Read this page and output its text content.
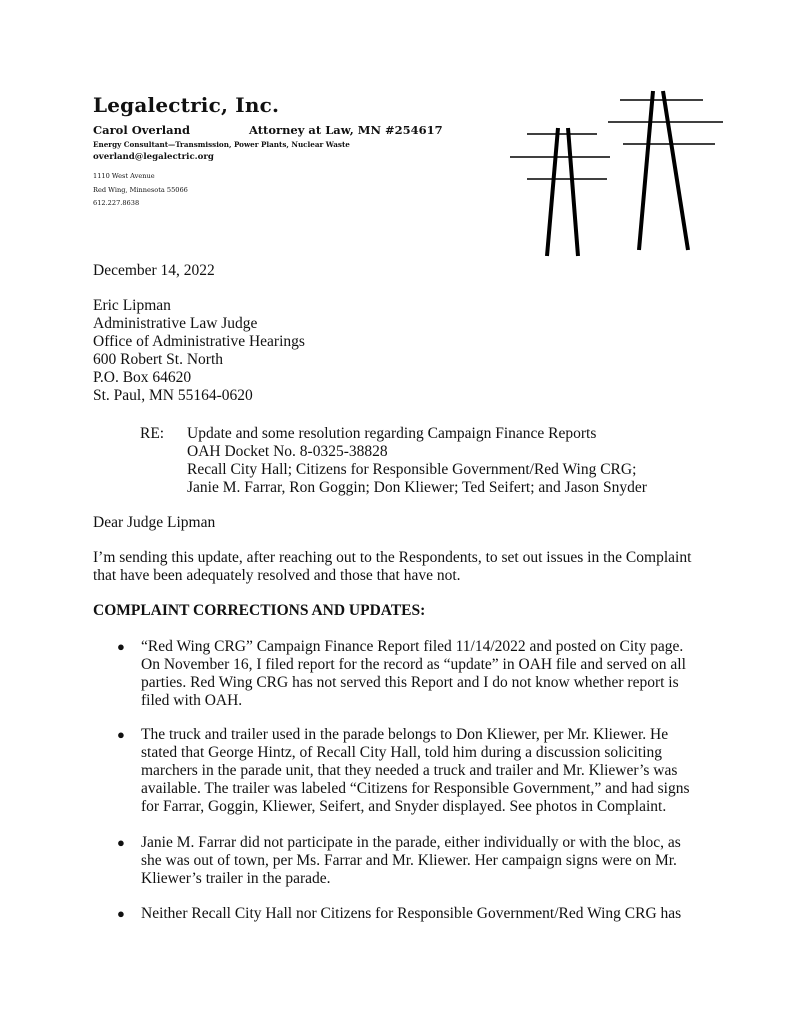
Legalectric, Inc.
Carol Overland	Attorney at Law, MN #254617
Energy Consultant—Transmission, Power Plants, Nuclear Waste
overland@legalectric.org
1110 West Avenue
Red Wing, Minnesota 55066
612.227.8638
December 14, 2022
Eric Lipman
Administrative Law Judge
Office of Administrative Hearings
600 Robert St. North
P.O. Box 64620
St. Paul, MN 55164-0620
RE: Update and some resolution regarding Campaign Finance Reports
OAH Docket No. 8-0325-38828
Recall City Hall; Citizens for Responsible Government/Red Wing CRG;
Janie M. Farrar, Ron Goggin; Don Kliewer; Ted Seifert; and Jason Snyder
Dear Judge Lipman
I’m sending this update, after reaching out to the Respondents, to set out issues in the Complaint
that have been adequately resolved and those that have not.
COMPLAINT CORRECTIONS AND UPDATES:
● “Red Wing CRG” Campaign Finance Report filed 11/14/2022 and posted on City page.
On November 16, I filed report for the record as “update” in OAH file and served on all
parties. Red Wing CRG has not served this Report and I do not know whether report is
filed with OAH.
● The truck and trailer used in the parade belongs to Don Kliewer, per Mr. Kliewer. He
stated that George Hintz, of Recall City Hall, told him during a discussion soliciting
marchers in the parade unit, that they needed a truck and trailer and Mr. Kliewer’s was
available. The trailer was labeled “Citizens for Responsible Government,” and had signs
for Farrar, Goggin, Kliewer, Seifert, and Snyder displayed. See photos in Complaint.
● Janie M. Farrar did not participate in the parade, either individually or with the bloc, as
she was out of town, per Ms. Farrar and Mr. Kliewer. Her campaign signs were on Mr.
Kliewer’s trailer in the parade.
● Neither Recall City Hall nor Citizens for Responsible Government/Red Wing CRG has
